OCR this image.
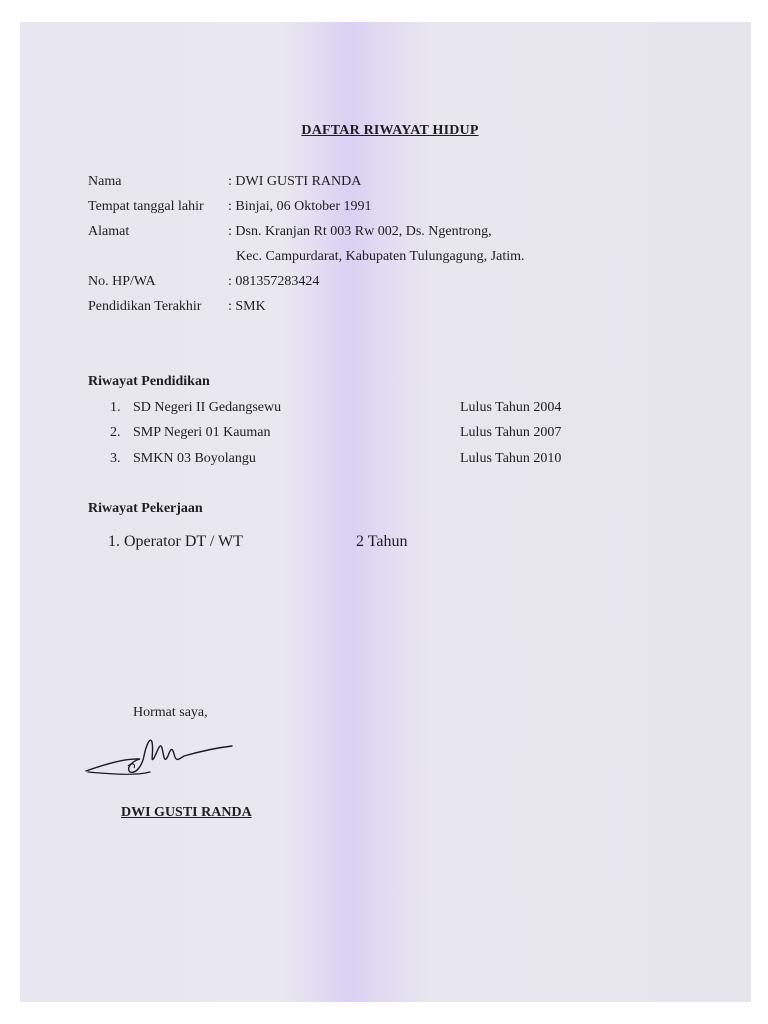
DAFTAR RIWAYAT HIDUP
Nama	: DWI GUSTI RANDA
Tempat tanggal lahir : Binjai, 06 Oktober 1991
Alamat	: Dsn. Kranjan Rt 003 Rw 002, Ds. Ngentrong,
Kec. Campurdarat, Kabupaten Tulungagung, Jatim.
No. HP/WA	: 081357283424
Pendidikan Terakhir : SMK
Riwayat Pendidikan
1. SD Negeri II Gedangsewu	Lulus Tahun 2004
2. SMP Negeri 01 Kauman	Lulus Tahun 2007
3. SMKN 03 Boyolangu	Lulus Tahun 2010
Riwayat Pekerjaan
1. Operator DT / WT	2 Tahun
Hormat saya,
DWI GUSTI RANDA
